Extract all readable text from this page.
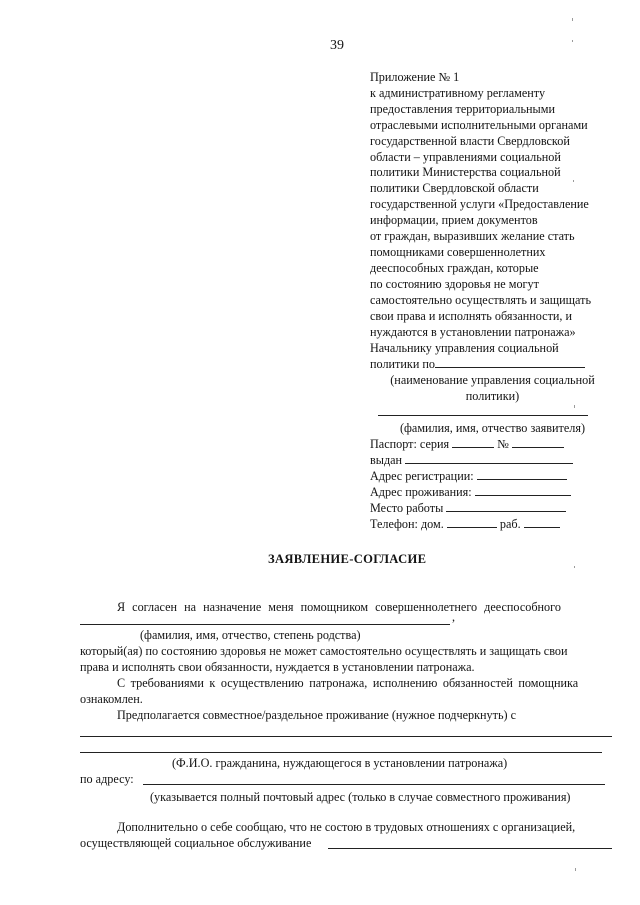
39
Приложение № 1
к административному регламенту
предоставления территориальными
отраслевыми исполнительными органами
государственной власти Свердловской
области – управлениями социальной
политики Министерства социальной
политики Свердловской области
государственной услуги «Предоставление
информации, прием документов
от граждан, выразивших желание стать
помощниками совершеннолетних
дееспособных граждан, которые
по состоянию здоровья не могут
самостоятельно осуществлять и защищать
свои права и исполнять обязанности, и
нуждаются в установлении патронажа»
Начальнику управления социальной
политики по
(наименование управления социальной
политики)
(фамилия, имя, отчество заявителя)
Паспорт: серия	№
выдан
Адрес регистрации:
Адрес проживания:
Место работы
Телефон: дом.	раб.
ЗАЯВЛЕНИЕ-СОГЛАСИЕ
Я согласен на назначение меня помощником совершеннолетнего дееспособного
,
(фамилия, имя, отчество, степень родства)
который(ая) по состоянию здоровья не может самостоятельно осуществлять и защищать свои
права и исполнять свои обязанности, нуждается в установлении патронажа.
С требованиями к осуществлению патронажа, исполнению обязанностей помощника
ознакомлен.
Предполагается совместное/раздельное проживание (нужное подчеркнуть) с
(Ф.И.О. гражданина, нуждающегося в установлении патронажа)
по адресу:
(указывается полный почтовый адрес (только в случае совместного проживания)
Дополнительно о себе сообщаю, что не состою в трудовых отношениях с организацией,
осуществляющей социальное обслуживание
